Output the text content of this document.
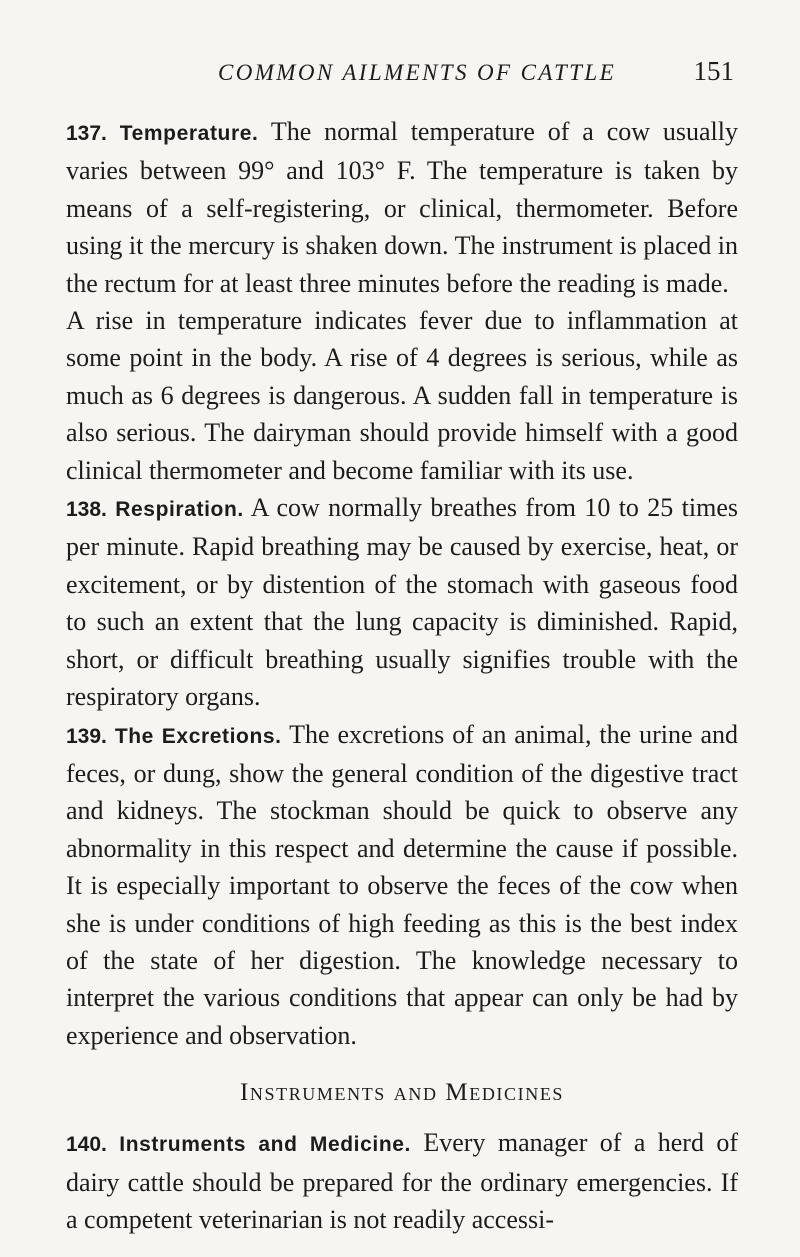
COMMON AILMENTS OF CATTLE	151

137. Temperature. The normal temperature of a cow usually varies between 99° and 103° F. The temperature is taken by means of a self-registering, or clinical, thermometer. Before using it the mercury is shaken down. The instrument is placed in the rectum for at least three minutes before the reading is made.

A rise in temperature indicates fever due to inflammation at some point in the body. A rise of 4 degrees is serious, while as much as 6 degrees is dangerous. A sudden fall in temperature is also serious. The dairyman should provide himself with a good clinical thermometer and become familiar with its use.

138. Respiration. A cow normally breathes from 10 to 25 times per minute. Rapid breathing may be caused by exercise, heat, or excitement, or by distention of the stomach with gaseous food to such an extent that the lung capacity is diminished. Rapid, short, or difficult breathing usually signifies trouble with the respiratory organs.

139. The Excretions. The excretions of an animal, the urine and feces, or dung, show the general condition of the digestive tract and kidneys. The stockman should be quick to observe any abnormality in this respect and determine the cause if possible. It is especially important to observe the feces of the cow when she is under conditions of high feeding as this is the best index of the state of her digestion. The knowledge necessary to interpret the various conditions that appear can only be had by experience and observation.

Instruments and Medicines

140. Instruments and Medicine. Every manager of a herd of dairy cattle should be prepared for the ordinary emergencies. If a competent veterinarian is not readily accessi-
